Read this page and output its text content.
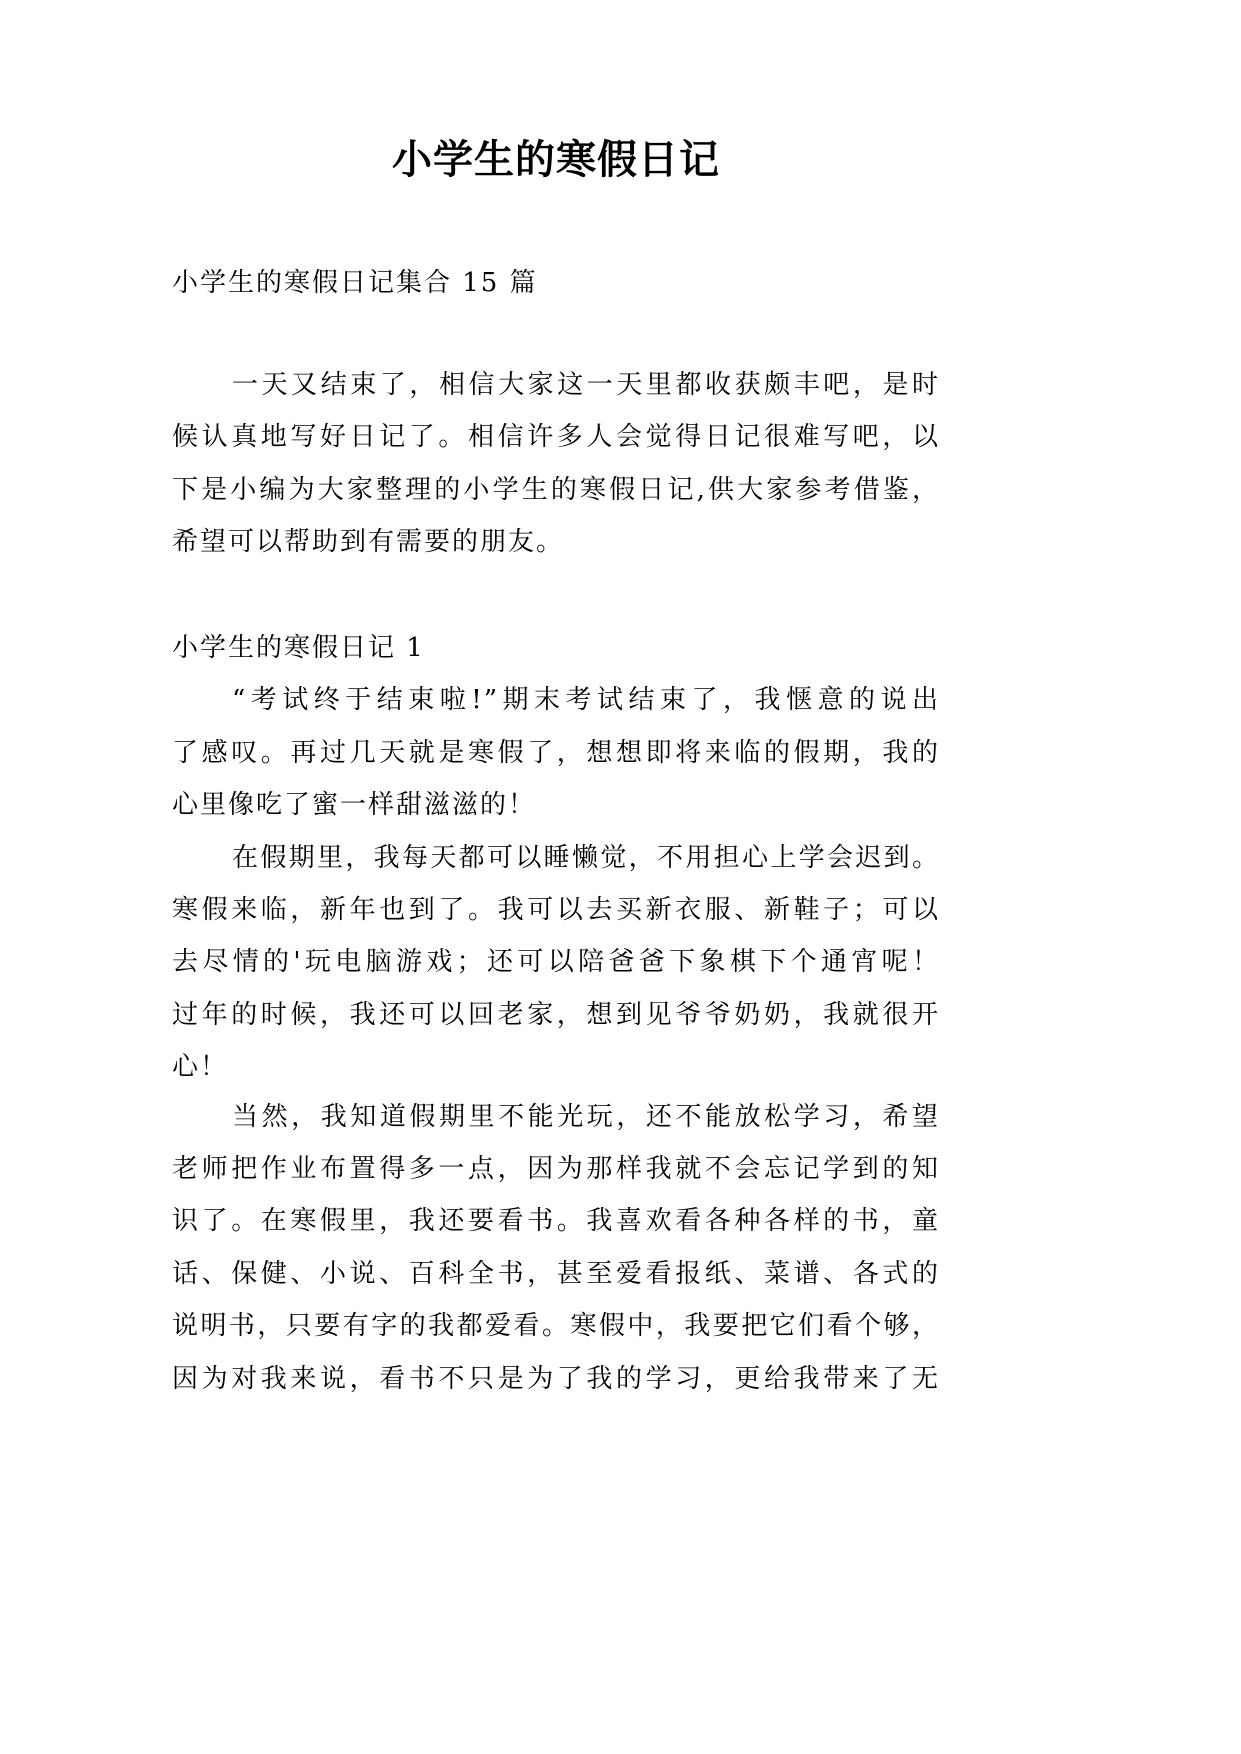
小学生的寒假日记
小学生的寒假日记集合 15 篇
一天又结束了，相信大家这一天里都收获颇丰吧，是时
候认真地写好日记了。相信许多人会觉得日记很难写吧，以
下是小编为大家整理的小学生的寒假日记,供大家参考借鉴，
希望可以帮助到有需要的朋友。
小学生的寒假日记 1
“考试终于结束啦!”期末考试结束了，我惬意的说出
了感叹。再过几天就是寒假了，想想即将来临的假期，我的
心里像吃了蜜一样甜滋滋的！
在假期里，我每天都可以睡懒觉，不用担心上学会迟到。
寒假来临，新年也到了。我可以去买新衣服、新鞋子；可以
去尽情的'玩电脑游戏；还可以陪爸爸下象棋下个通宵呢！
过年的时候，我还可以回老家，想到见爷爷奶奶，我就很开
心！
当然，我知道假期里不能光玩，还不能放松学习，希望
老师把作业布置得多一点，因为那样我就不会忘记学到的知
识了。在寒假里，我还要看书。我喜欢看各种各样的书，童
话、保健、小说、百科全书，甚至爱看报纸、菜谱、各式的
说明书，只要有字的我都爱看。寒假中，我要把它们看个够，
因为对我来说，看书不只是为了我的学习，更给我带来了无
